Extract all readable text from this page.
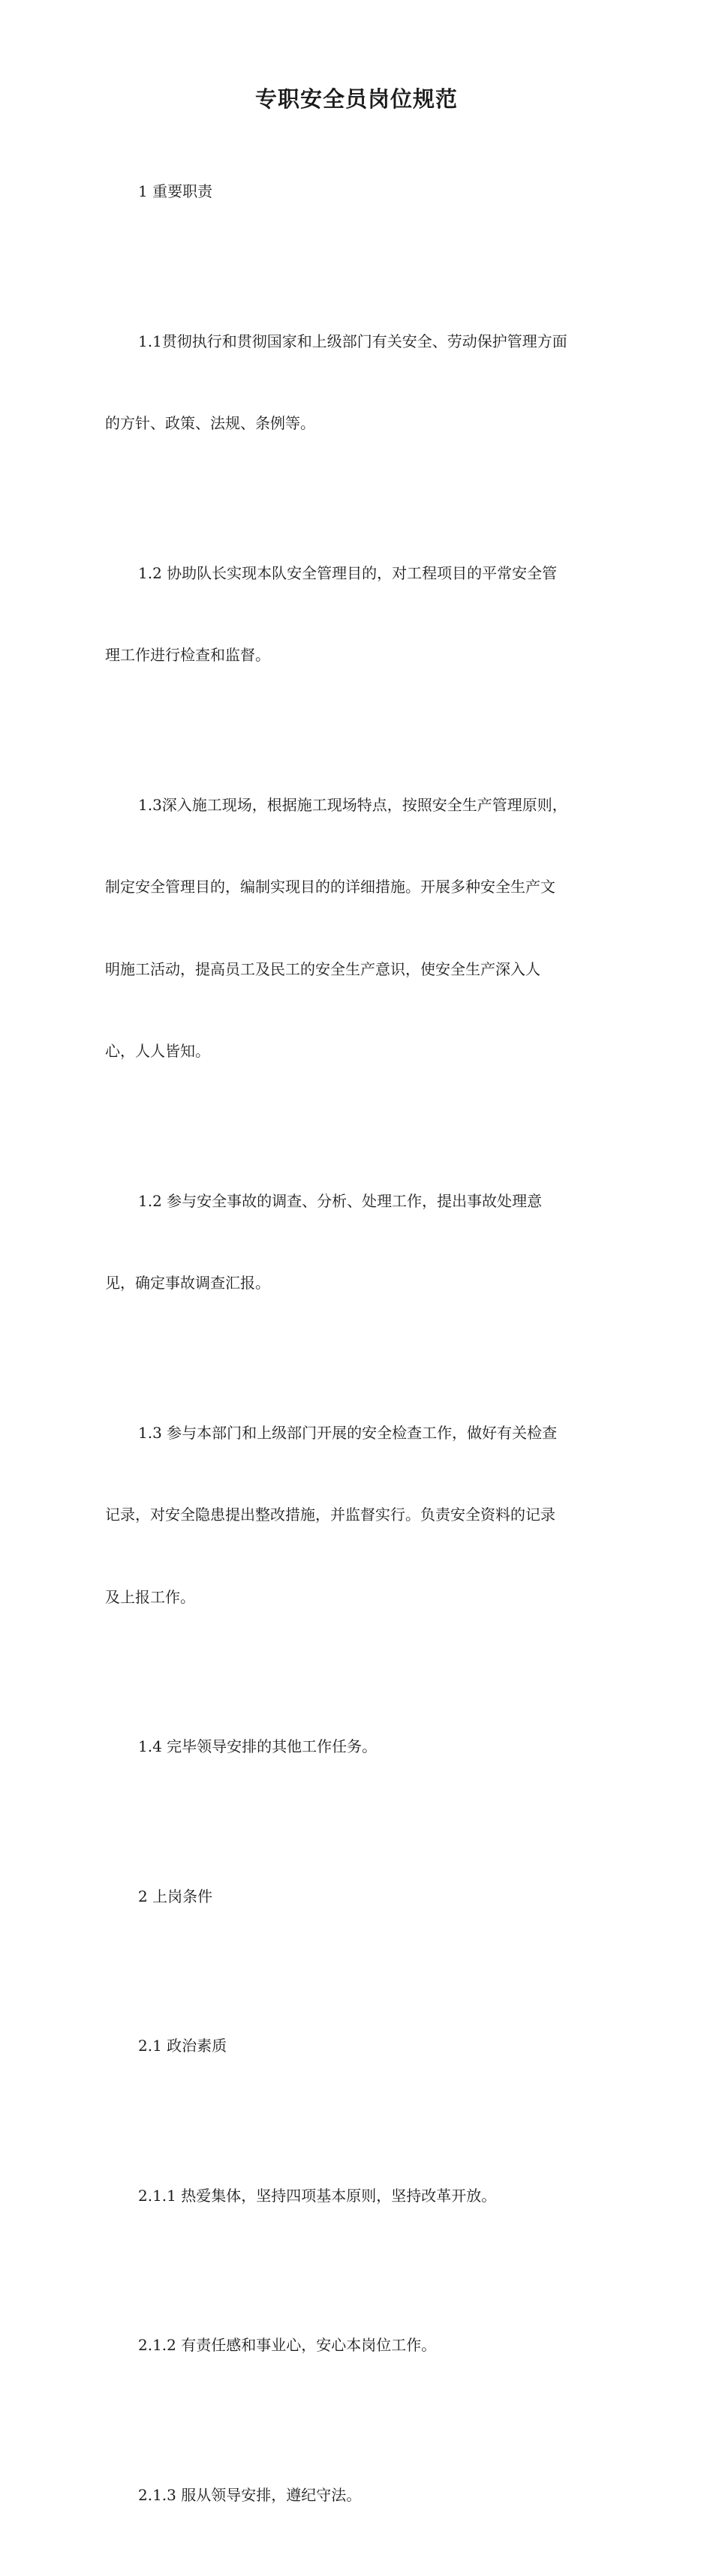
专职安全员岗位规范

1 重要职责

1.1贯彻执行和贯彻国家和上级部门有关安全、劳动保护管理方面

的方针、政策、法规、条例等。

1.2 协助队长实现本队安全管理目的，对工程项目的平常安全管

理工作进行检查和监督。

1.3深入施工现场，根据施工现场特点，按照安全生产管理原则，

制定安全管理目的，编制实现目的的详细措施。开展多种安全生产文

明施工活动，提高员工及民工的安全生产意识，使安全生产深入人

心，人人皆知。

1.2 参与安全事故的调查、分析、处理工作，提出事故处理意

见，确定事故调查汇报。

1.3 参与本部门和上级部门开展的安全检查工作，做好有关检查

记录，对安全隐患提出整改措施，并监督实行。负责安全资料的记录

及上报工作。

1.4 完毕领导安排的其他工作任务。

2 上岗条件

2.1 政治素质

2.1.1 热爱集体，坚持四项基本原则，坚持改革开放。

2.1.2 有责任感和事业心，安心本岗位工作。

2.1.3 服从领导安排，遵纪守法。
